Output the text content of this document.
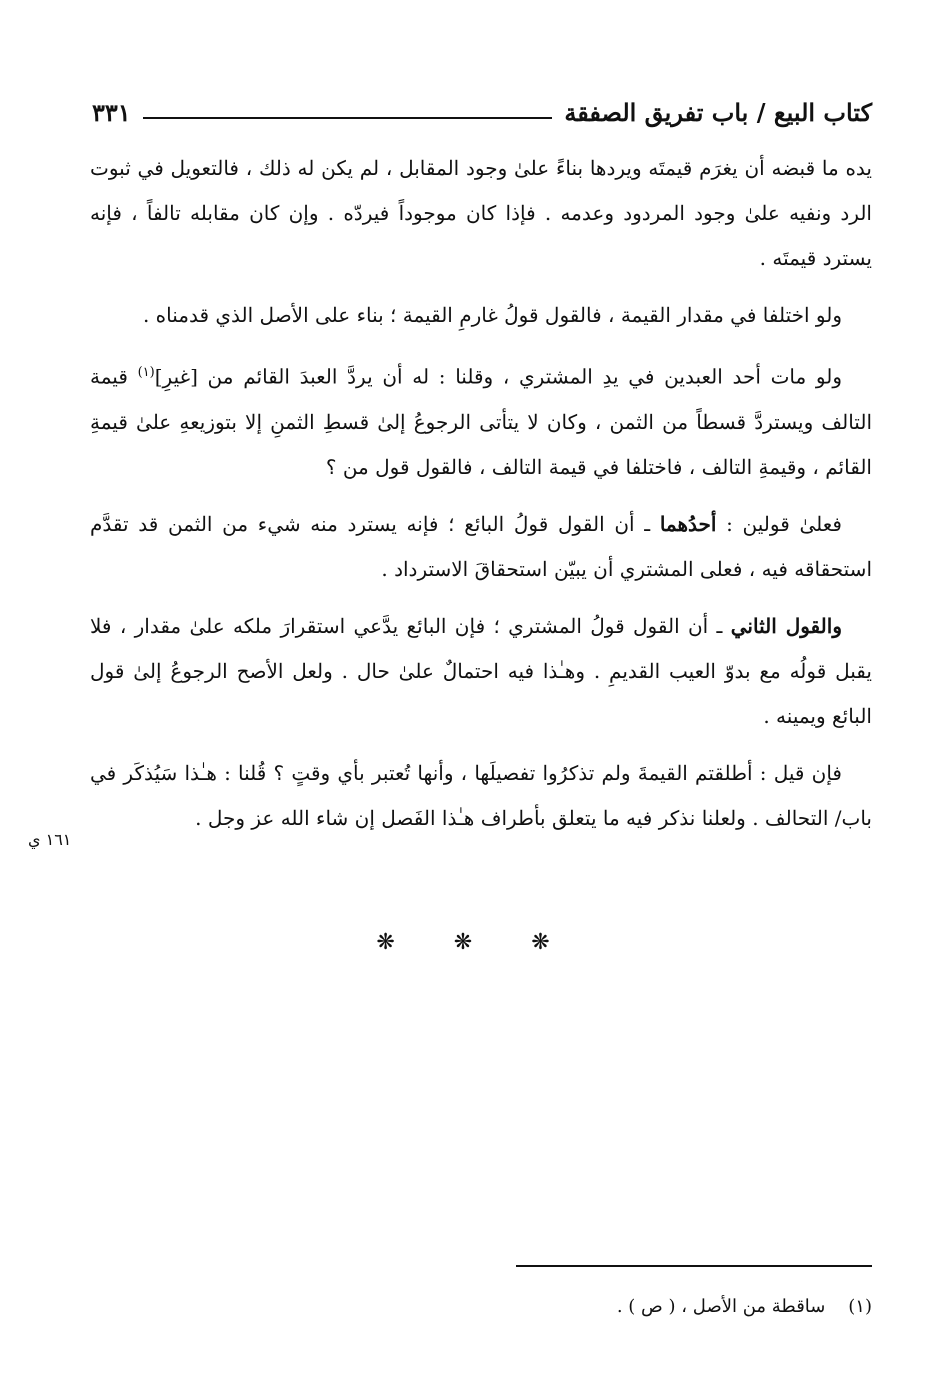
كتاب البيع / باب تفريق الصفقة
٣٣١

يده ما قبضه أن يغرَم قيمتَه ويردها بناءً علىٰ وجود المقابل ، لم يكن له ذلك ، فالتعويل في ثبوت الرد ونفيه علىٰ وجود المردود وعدمه . فإذا كان موجوداً فيردّه . وإن كان مقابله تالفاً ، فإنه يسترد قيمتَه .

ولو اختلفا في مقدار القيمة ، فالقول قولُ غارمِ القيمة ؛ بناء على الأصل الذي قدمناه .

ولو مات أحد العبدين في يدِ المشتري ، وقلنا : له أن يردَّ العبدَ القائم من [غيرِ]$^{(١)}$ قيمة التالف ويستردَّ قسطاً من الثمن ، وكان لا يتأتى الرجوعُ إلىٰ قسطِ الثمنِ إلا بتوزيعهِ علىٰ قيمةِ القائم ، وقيمةِ التالف ، فاختلفا في قيمة التالف ، فالقول قول من ؟

فعلىٰ قولين : أحدُهما ـ أن القول قولُ البائع ؛ فإنه يسترد منه شيء من الثمن قد تقدَّم استحقاقه فيه ، فعلى المشتري أن يبيّن استحقاقَ الاسترداد .

والقول الثاني ـ أن القول قولُ المشتري ؛ فإن البائع يدَّعي استقرارَ ملكه علىٰ مقدار ، فلا يقبل قولُه مع بدوّ العيب القديمِ . وهـٰذا فيه احتمالٌ علىٰ حال . ولعل الأصح الرجوعُ إلىٰ قول البائع ويمينه .

فإن قيل : أطلقتم القيمةَ ولم تذكرُوا تفصيلَها ، وأنها تُعتبر بأي وقتٍ ؟ قُلنا : هـٰذا سَيُذكَر في باب/ التحالف . ولعلنا نذكر فيه ما يتعلق بأطراف هـٰذا الفَصل إن شاء الله عز وجل .

١٦١ ي
❋ ❋ ❋
(١)    ساقطة من الأصل ، ( ص ) .
